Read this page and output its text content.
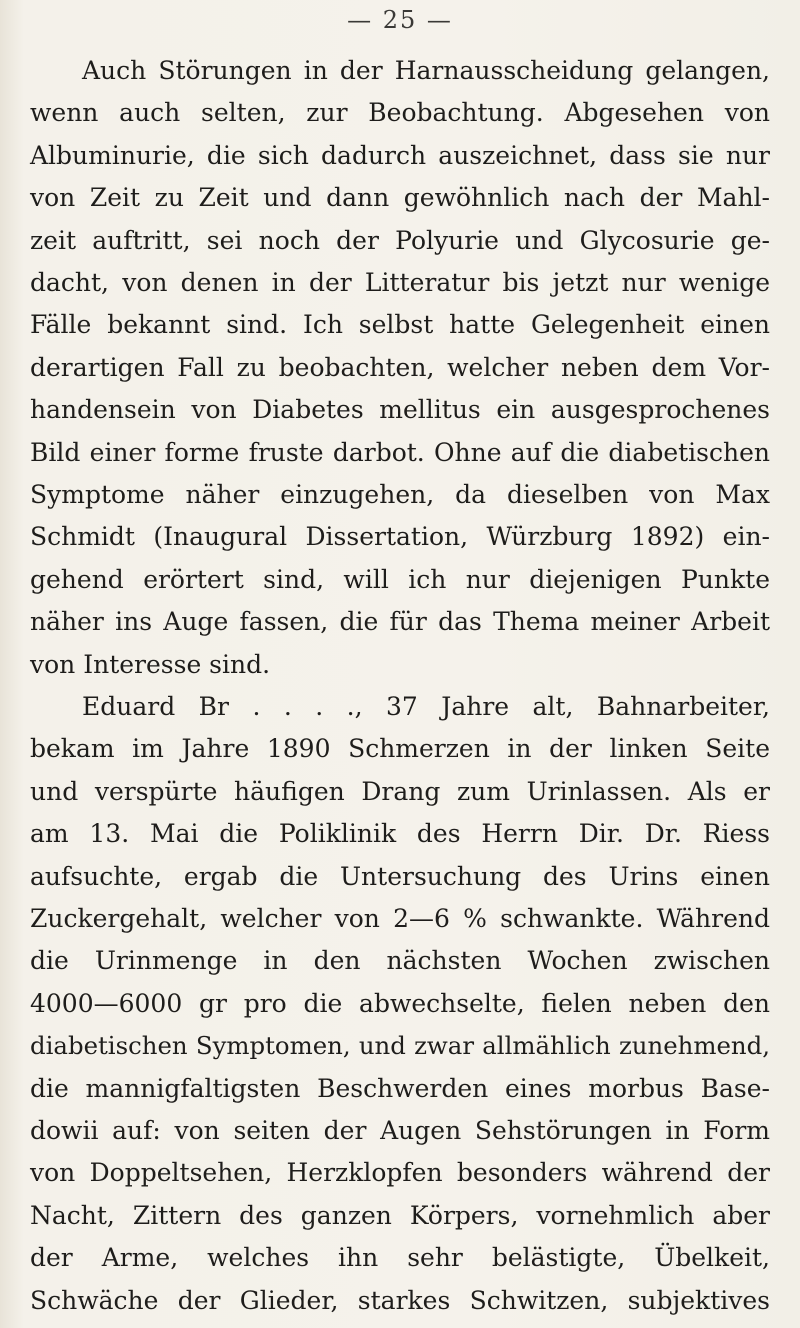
— 25 —
Auch Störungen in der Harnausscheidung gelangen,
wenn auch selten, zur Beobachtung. Abgesehen von
Albuminurie, die sich dadurch auszeichnet, dass sie nur
von Zeit zu Zeit und dann gewöhnlich nach der Mahl-
zeit auftritt, sei noch der Polyurie und Glycosurie ge-
dacht, von denen in der Litteratur bis jetzt nur wenige
Fälle bekannt sind. Ich selbst hatte Gelegenheit einen
derartigen Fall zu beobachten, welcher neben dem Vor-
handensein von Diabetes mellitus ein ausgesprochenes
Bild einer forme fruste darbot. Ohne auf die diabetischen
Symptome näher einzugehen, da dieselben von Max
Schmidt (Inaugural Dissertation, Würzburg 1892) ein-
gehend erörtert sind, will ich nur diejenigen Punkte
näher ins Auge fassen, die für das Thema meiner Arbeit
von Interesse sind.
Eduard Br . . . ., 37 Jahre alt, Bahnarbeiter,
bekam im Jahre 1890 Schmerzen in der linken Seite
und verspürte häufigen Drang zum Urinlassen. Als er
am 13. Mai die Poliklinik des Herrn Dir. Dr. Riess
aufsuchte, ergab die Untersuchung des Urins einen
Zuckergehalt, welcher von 2—6 % schwankte. Während
die Urinmenge in den nächsten Wochen zwischen
4000—6000 gr pro die abwechselte, fielen neben den
diabetischen Symptomen, und zwar allmählich zunehmend,
die mannigfaltigsten Beschwerden eines morbus Base-
dowii auf: von seiten der Augen Sehstörungen in Form
von Doppeltsehen, Herzklopfen besonders während der
Nacht, Zittern des ganzen Körpers, vornehmlich aber
der Arme, welches ihn sehr belästigte, Übelkeit,
Schwäche der Glieder, starkes Schwitzen, subjektives
